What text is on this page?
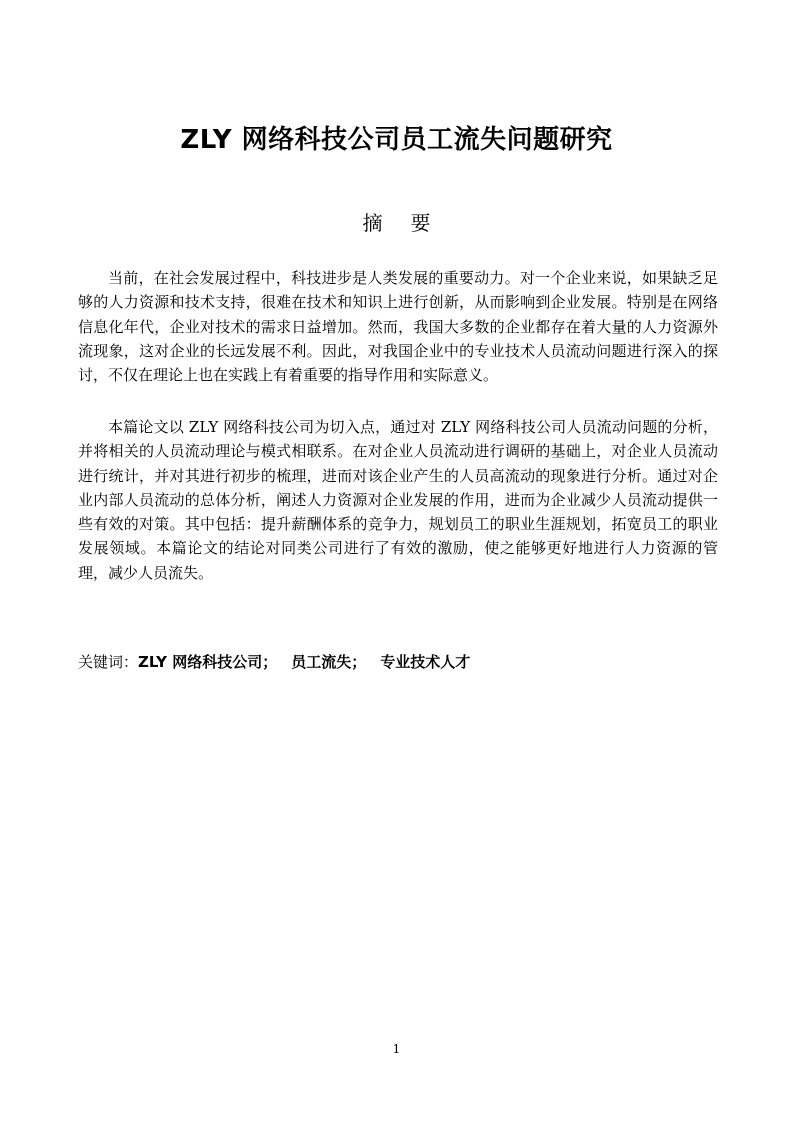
ZLY 网络科技公司员工流失问题研究
摘要

当前，在社会发展过程中，科技进步是人类发展的重要动力。对一个企业来说，如果缺乏足够的人力资源和技术支持，很难在技术和知识上进行创新，从而影响到企业发展。特别是在网络信息化年代，企业对技术的需求日益增加。然而，我国大多数的企业都存在着大量的人力资源外流现象，这对企业的长远发展不利。因此，对我国企业中的专业技术人员流动问题进行深入的探讨，不仅在理论上也在实践上有着重要的指导作用和实际意义。

本篇论文以 ZLY 网络科技公司为切入点，通过对 ZLY 网络科技公司人员流动问题的分析，并将相关的人员流动理论与模式相联系。在对企业人员流动进行调研的基础上，对企业人员流动进行统计，并对其进行初步的梳理，进而对该企业产生的人员高流动的现象进行分析。通过对企业内部人员流动的总体分析，阐述人力资源对企业发展的作用，进而为企业减少人员流动提供一些有效的对策。其中包括：提升薪酬体系的竞争力，规划员工的职业生涯规划，拓宽员工的职业发展领域。本篇论文的结论对同类公司进行了有效的激励，使之能够更好地进行人力资源的管理，减少人员流失。

关键词：ZLY 网络科技公司； 员工流失； 专业技术人才
1
